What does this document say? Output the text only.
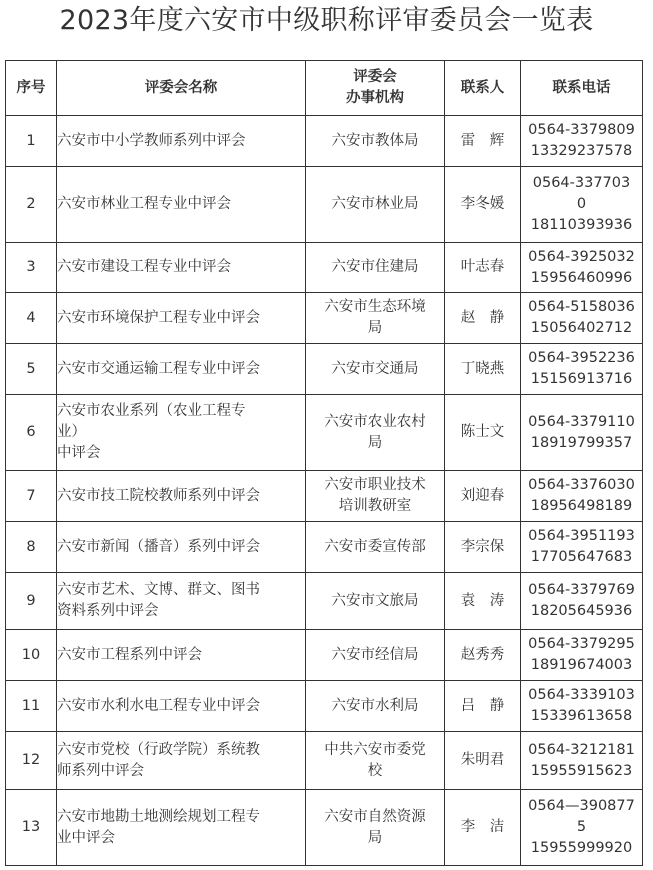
2023年度六安市中级职称评审委员会一览表
序号	评委会名称	评委会
办事机构	联系人	联系电话
1	六安市中小学教师系列中评会	六安市教体局	雷　辉	0564-3379809
13329237578

2	六安市林业工程专业中评会	六安市林业局	李冬媛	0564-337703
0
18110393936

3	六安市建设工程专业中评会	六安市住建局	叶志春	0564-3925032
15956460996

4	六安市环境保护工程专业中评会	六安市生态环境
局	赵　静	0564-5158036
15056402712

5	六安市交通运输工程专业中评会	六安市交通局	丁晓燕	0564-3952236
15156913716

6	六安市农业系列（农业工程专
业）
中评会	六安市农业农村
局	陈士文	0564-3379110
18919799357

7	六安市技工院校教师系列中评会	六安市职业技术
培训教研室	刘迎春	0564-3376030
18956498189

8	六安市新闻（播音）系列中评会	六安市委宣传部	李宗保	0564-3951193
17705647683

9	六安市艺术、文博、群文、图书
资料系列中评会	六安市文旅局	袁　涛	0564-3379769
18205645936

10	六安市工程系列中评会	六安市经信局	赵秀秀	0564-3379295
18919674003

11	六安市水利水电工程专业中评会	六安市水利局	吕　静	0564-3339103
15339613658

12	六安市党校（行政学院）系统教
师系列中评会	中共六安市委党
校	朱明君	0564-3212181
15955915623

13	六安市地勘土地测绘规划工程专
业中评会	六安市自然资源
局	李　洁	0564—390877
5
15955999920
